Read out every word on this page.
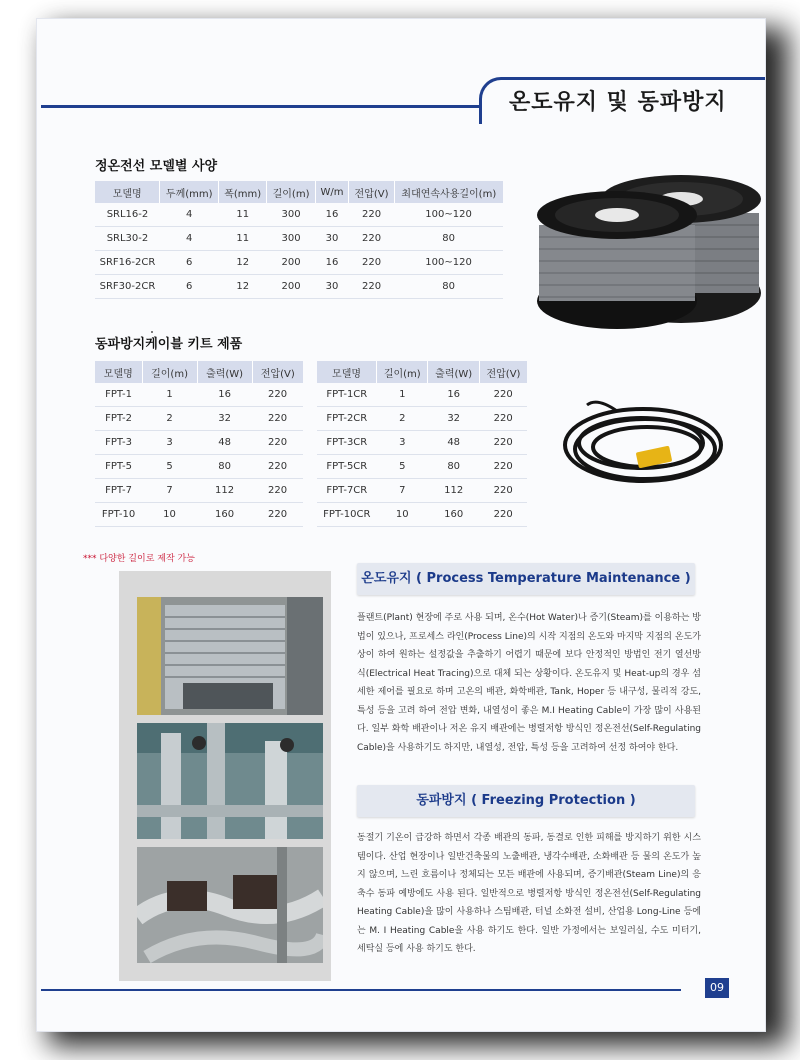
온도유지 및 동파방지
정온전선 모델별 사양
모델명	두께(mm)	폭(mm)	길이(m)	W/m	전압(V)	최대연속사용길이(m)
SRL16-2	4	11	300	16	220	100~120
SRL30-2	4	11	300	30	220	80
SRF16-2CR	6	12	200	16	220	100~120
SRF30-2CR	6	12	200	30	220	80
동파방지케이블 키트 제품
모델명	길이(m)	출력(W)	전압(V)
FPT-1	1	16	220
FPT-2	2	32	220
FPT-3	3	48	220
FPT-5	5	80	220
FPT-7	7	112	220
FPT-10	10	160	220
모델명	길이(m)	출력(W)	전압(V)
FPT-1CR	1	16	220
FPT-2CR	2	32	220
FPT-3CR	3	48	220
FPT-5CR	5	80	220
FPT-7CR	7	112	220
FPT-10CR	10	160	220
*** 다양한 길이로 제작 가능
온도유지 ( Process Temperature Maintenance )
플랜트(Plant) 현장에 주로 사용 되며, 온수(Hot Water)나 증기(Steam)를 이용하는 방법이 있으나, 프로세스 라인(Process Line)의 시작 지점의 온도와 마지막 지점의 온도가 상이 하여 원하는 설정값을 추출하기 어렵기 때문에 보다 안정적인 방법인 전기 열선방식(Electrical Heat Tracing)으로 대체 되는 상황이다. 온도유지 및 Heat-up의 경우 섬세한 제어를 필요로 하며 고온의 배관, 화학배관, Tank, Hoper 등 내구성, 물리적 강도, 특성 등을 고려 하여 전압 변화, 내열성이 좋은 M.I Heating Cable이 가장 많이 사용된다. 일부 화학 배관이나 저온 유지 배관에는 병렬저항 방식인 정온전선(Self-Regulating Cable)을 사용하기도 하지만, 내열성, 전압, 특성 등을 고려하여 선정 하여야 한다.
동파방지 ( Freezing Protection )
동절기 기온이 급강하 하면서 각종 배관의 동파, 동결로 인한 피해를 방지하기 위한 시스템이다. 산업 현장이나 일반건축물의 노출배관, 냉각수배관, 소화배관 등 물의 온도가 높지 않으며, 느린 흐름이나 정체되는 모든 배관에 사용되며, 증기배관(Steam Line)의 응축수 동파 예방에도 사용 된다. 일반적으로 병렬저항 방식인 정온전선(Self-Regulating Heating Cable)을 많이 사용하나 스팀배관, 터널 소화전 설비, 산업용 Long-Line 등에는 M. I Heating Cable을 사용 하기도 한다. 일반 가정에서는 보일러실, 수도 미터기, 세탁실 등에 사용 하기도 한다.
09
